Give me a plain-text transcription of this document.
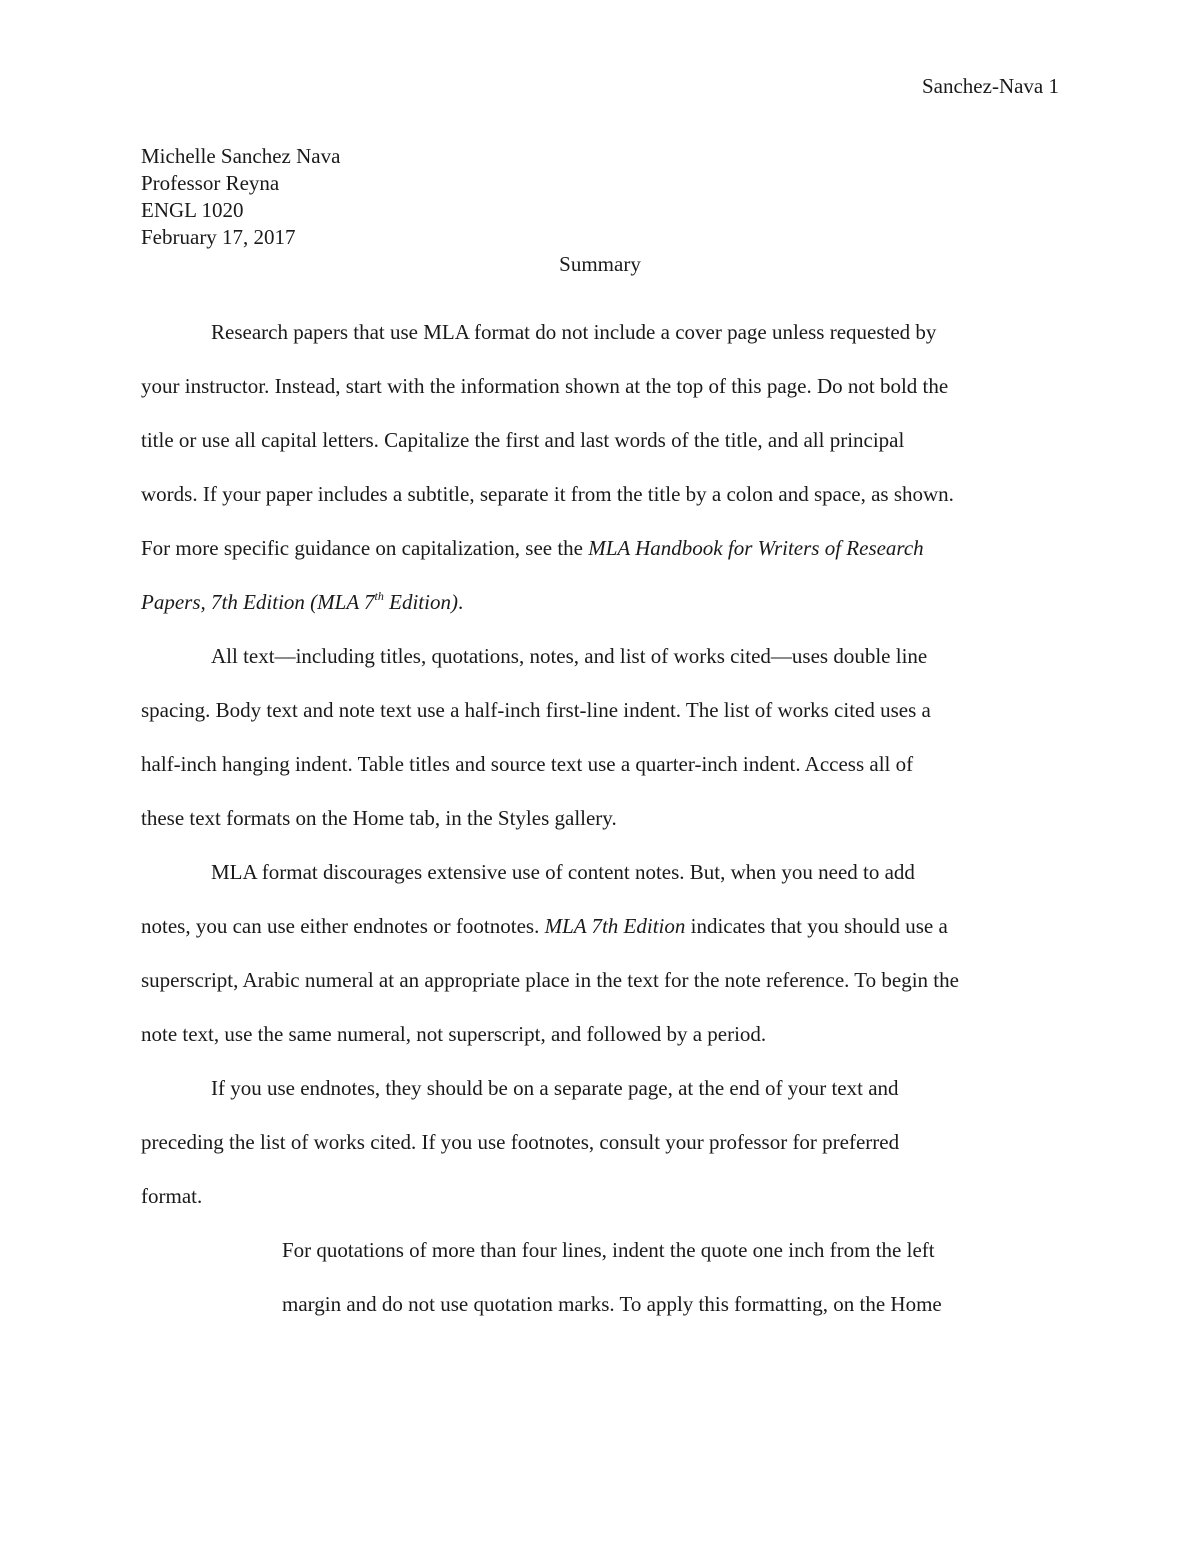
Sanchez-Nava 1
Michelle Sanchez Nava
Professor Reyna
ENGL 1020
February 17, 2017
Summary
Research papers that use MLA format do not include a cover page unless requested by
your instructor. Instead, start with the information shown at the top of this page. Do not bold the
title or use all capital letters. Capitalize the first and last words of the title, and all principal
words. If your paper includes a subtitle, separate it from the title by a colon and space, as shown.
For more specific guidance on capitalization, see the MLA Handbook for Writers of Research
Papers, 7th Edition (MLA 7th Edition).
All text—including titles, quotations, notes, and list of works cited—uses double line
spacing. Body text and note text use a half-inch first-line indent. The list of works cited uses a
half-inch hanging indent. Table titles and source text use a quarter-inch indent. Access all of
these text formats on the Home tab, in the Styles gallery.
MLA format discourages extensive use of content notes. But, when you need to add
notes, you can use either endnotes or footnotes. MLA 7th Edition indicates that you should use a
superscript, Arabic numeral at an appropriate place in the text for the note reference. To begin the
note text, use the same numeral, not superscript, and followed by a period.
If you use endnotes, they should be on a separate page, at the end of your text and
preceding the list of works cited. If you use footnotes, consult your professor for preferred
format.
For quotations of more than four lines, indent the quote one inch from the left
margin and do not use quotation marks. To apply this formatting, on the Home
